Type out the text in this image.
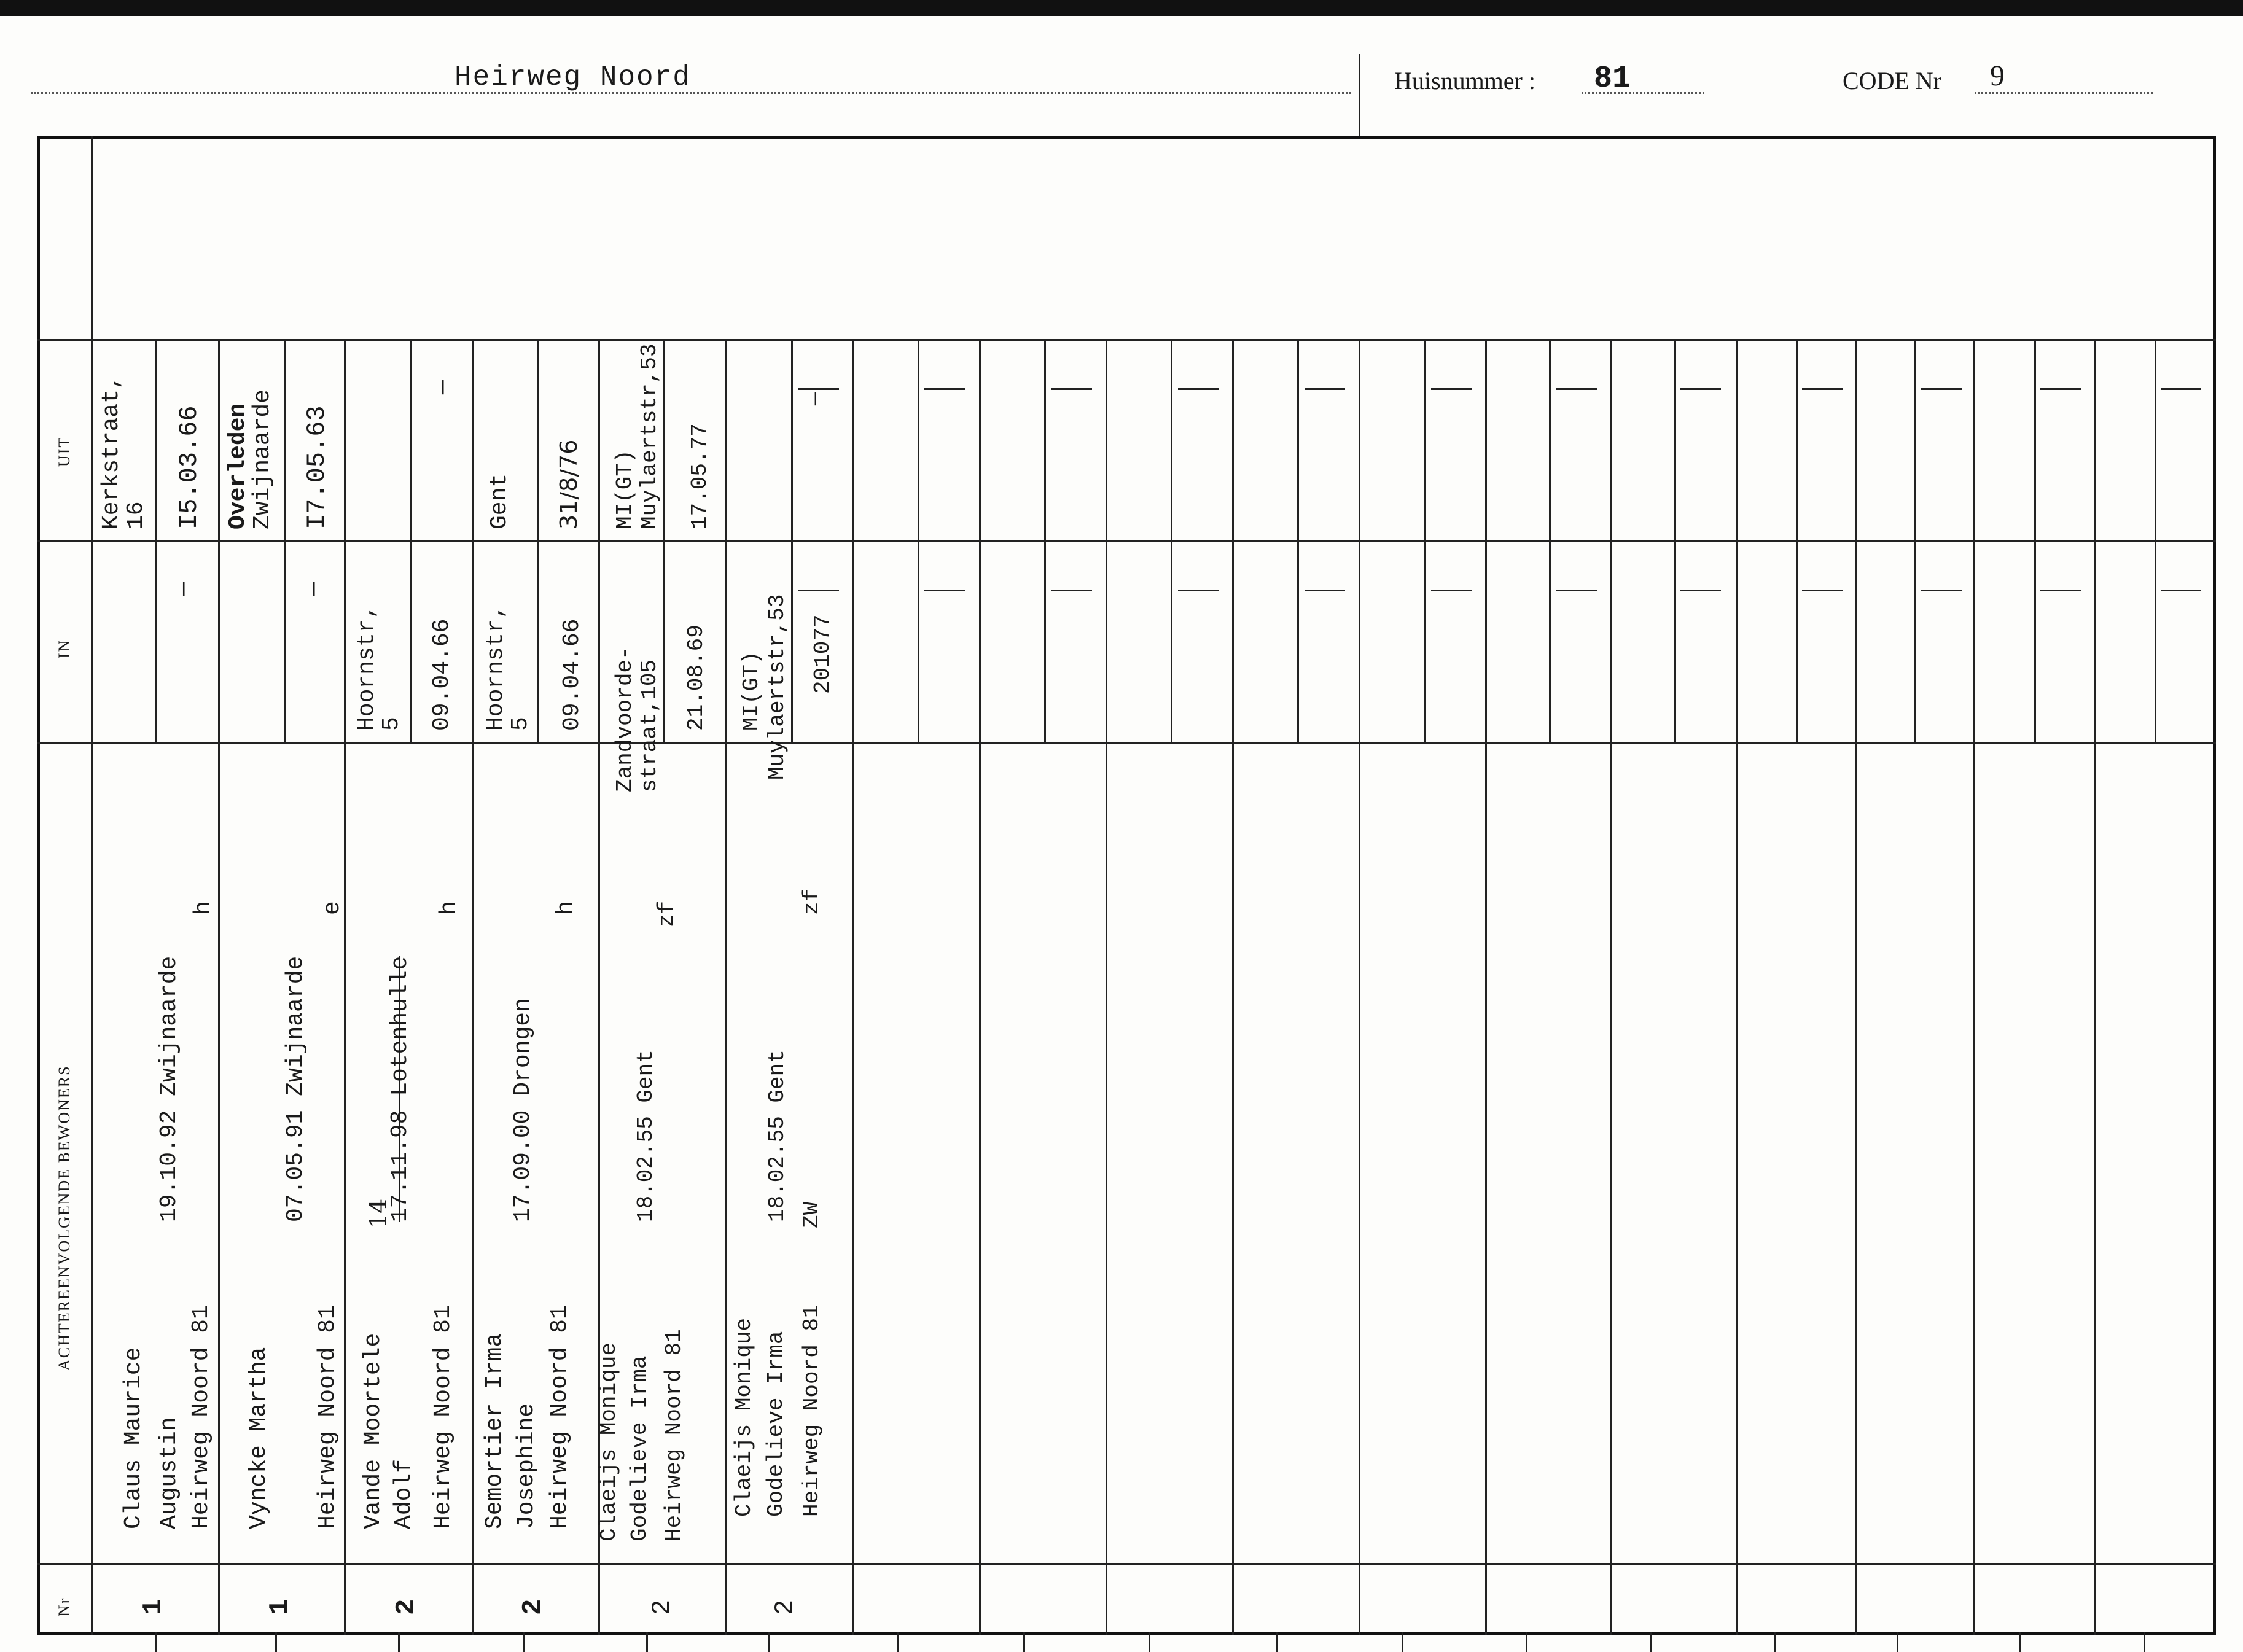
Heirweg Noord	Huisnummer : 81	CODE Nr 9
UIT
IN
ACHTEREENVOLGENDE BEWONERS
Nr 1
Claus Maurice Augustin Heirweg Noord 81
19.10.92 Zwijnaarde
h
—
Kerkstraat,
16 I5.03.66
1
Vyncke Martha Heirweg Noord 81
07.05.91 Zwijnaarde
e
—
Overleden
Zwijnaarde I7.05.63
2
Vande Moortele Adolf Heirweg Noord 81
14
17.11.98 Lotenhulle
h
Hoornstr,
5 09.04.66
—
2
Semortier Irma Josephine Heirweg Noord 81
17.09.00 Drongen
h
Hoornstr,
5 09.04.66
Gent 31/8/76
2
Claeijs Monique Godelieve Irma Heirweg Noord 81
18.02.55 Gent
zf
Zandvoorde- straat,105 21.08.69
MI(GT) Muylaertstr,53 17.05.77
2
Claeijs Monique Godelieve Irma Heirweg Noord 81
18.02.55 Gent ZW
zf
MI(GT) Muylaertstr,53 201077
—
